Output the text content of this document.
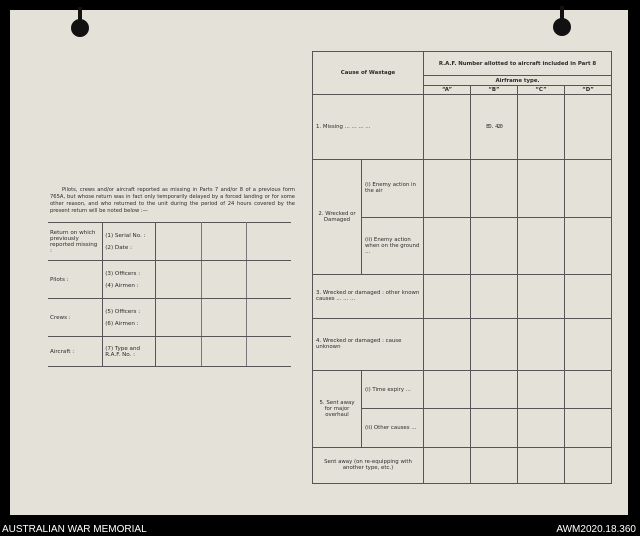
Pilots, crews and/or aircraft reported as missing in Parts 7 and/or 8 of a previous form 765A, but whose return was in fact only temporarily delayed by a forced landing or for some other reason, and who returned to the unit during the period of 24 hours covered by the present return will be noted below :—
Return on which previously reported missing :	(1) Serial No. :
(2) Date :			

Pilots :	(3) Officers :
(4) Airmen :			

Crews :	(5) Officers :
(6) Airmen :			

Aircraft :	(7) Type and R.A.F. No. :			
Cause of Wastage		R.A.F. Number allotted to aircraft included in Part 8			
		Airframe type.			
		“A”	“B”	“C”	“D”
1. Missing ... ... ... ...			ED. 420		
2. Wrecked or Damaged	(i) Enemy action in the air				
	(ii) Enemy action when on the ground ...				
3. Wrecked or damaged : other known causes ... ... ...					
4. Wrecked or damaged : cause unknown					
5. Sent away for major overhaul	(i) Time expiry ...				
	(ii) Other causes ...				
Sent away (on re-equipping with another type, etc.)					
AUSTRALIAN WAR MEMORIAL	AWM2020.18.360
